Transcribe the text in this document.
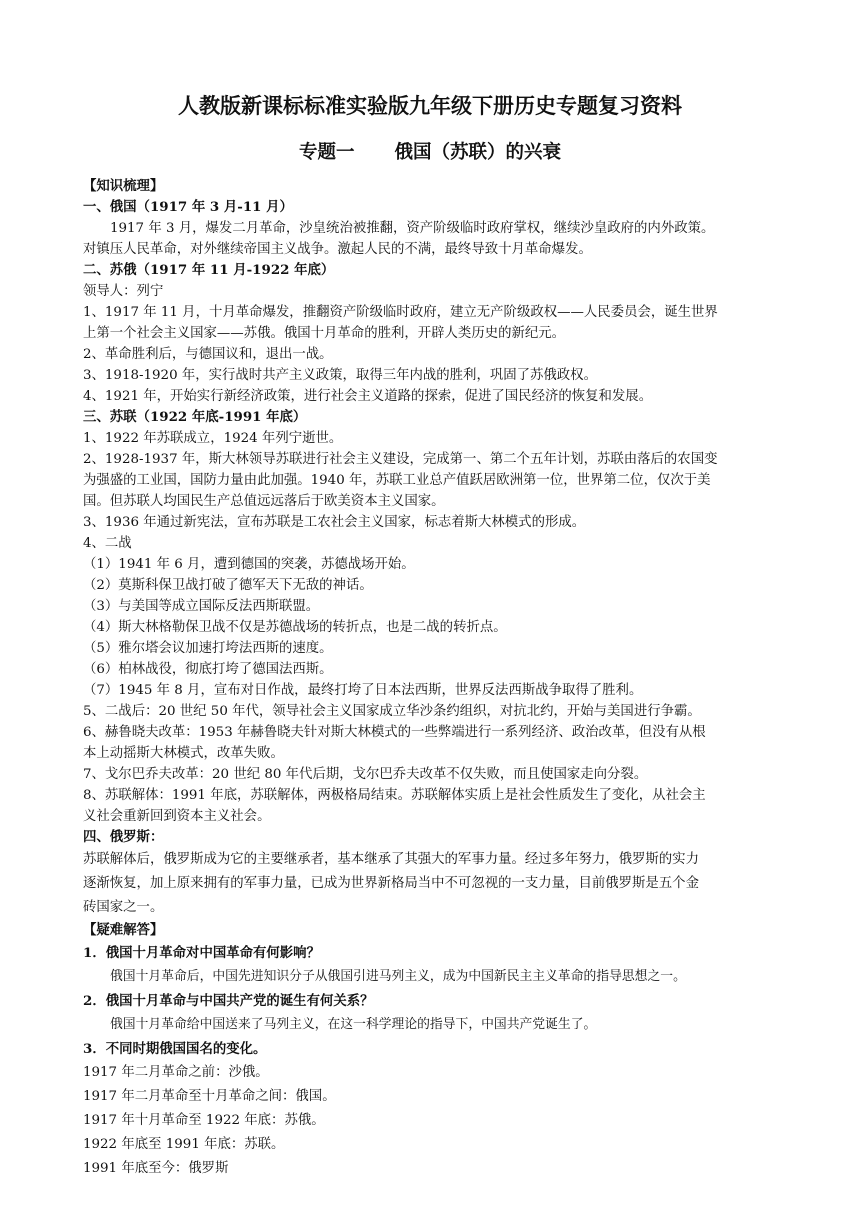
人教版新课标标准实验版九年级下册历史专题复习资料
专题一 俄国（苏联）的兴衰

【知识梳理】

一、俄国（1917 年 3 月-11 月）

1917 年 3 月，爆发二月革命，沙皇统治被推翻，资产阶级临时政府掌权，继续沙皇政府的内外政策。

对镇压人民革命，对外继续帝国主义战争。激起人民的不满，最终导致十月革命爆发。

二、苏俄（1917 年 11 月-1922 年底）

领导人：列宁

1、1917 年 11 月，十月革命爆发，推翻资产阶级临时政府，建立无产阶级政权——人民委员会，诞生世界

上第一个社会主义国家——苏俄。俄国十月革命的胜利，开辟人类历史的新纪元。

2、革命胜利后，与德国议和，退出一战。

3、1918-1920 年，实行战时共产主义政策，取得三年内战的胜利，巩固了苏俄政权。

4、1921 年，开始实行新经济政策，进行社会主义道路的探索，促进了国民经济的恢复和发展。

三、苏联（1922 年底-1991 年底）

1、1922 年苏联成立，1924 年列宁逝世。

2、1928-1937 年，斯大林领导苏联进行社会主义建设，完成第一、第二个五年计划，苏联由落后的农国变

为强盛的工业国，国防力量由此加强。1940 年，苏联工业总产值跃居欧洲第一位，世界第二位，仅次于美

国。但苏联人均国民生产总值远远落后于欧美资本主义国家。

3、1936 年通过新宪法，宣布苏联是工农社会主义国家，标志着斯大林模式的形成。

4、二战

（1）1941 年 6 月，遭到德国的突袭，苏德战场开始。

（2）莫斯科保卫战打破了德军天下无敌的神话。

（3）与美国等成立国际反法西斯联盟。

（4）斯大林格勒保卫战不仅是苏德战场的转折点，也是二战的转折点。

（5）雅尔塔会议加速打垮法西斯的速度。

（6）柏林战役，彻底打垮了德国法西斯。

（7）1945 年 8 月，宣布对日作战，最终打垮了日本法西斯，世界反法西斯战争取得了胜利。

5、二战后：20 世纪 50 年代，领导社会主义国家成立华沙条约组织，对抗北约，开始与美国进行争霸。

6、赫鲁晓夫改革：1953 年赫鲁晓夫针对斯大林模式的一些弊端进行一系列经济、政治改革，但没有从根

本上动摇斯大林模式，改革失败。

7、戈尔巴乔夫改革：20 世纪 80 年代后期，戈尔巴乔夫改革不仅失败，而且使国家走向分裂。

8、苏联解体：1991 年底，苏联解体，两极格局结束。苏联解体实质上是社会性质发生了变化，从社会主

义社会重新回到资本主义社会。

四、俄罗斯：

苏联解体后，俄罗斯成为它的主要继承者，基本继承了其强大的军事力量。经过多年努力，俄罗斯的实力

逐渐恢复，加上原来拥有的军事力量，已成为世界新格局当中不可忽视的一支力量，目前俄罗斯是五个金

砖国家之一。

【疑难解答】

1．俄国十月革命对中国革命有何影响？

俄国十月革命后，中国先进知识分子从俄国引进马列主义，成为中国新民主主义革命的指导思想之一。

2．俄国十月革命与中国共产党的诞生有何关系？

俄国十月革命给中国送来了马列主义，在这一科学理论的指导下，中国共产党诞生了。

3．不同时期俄国国名的变化。

1917 年二月革命之前：沙俄。

1917 年二月革命至十月革命之间：俄国。

1917 年十月革命至 1922 年底：苏俄。

1922 年底至 1991 年底：苏联。

1991 年底至今：俄罗斯
